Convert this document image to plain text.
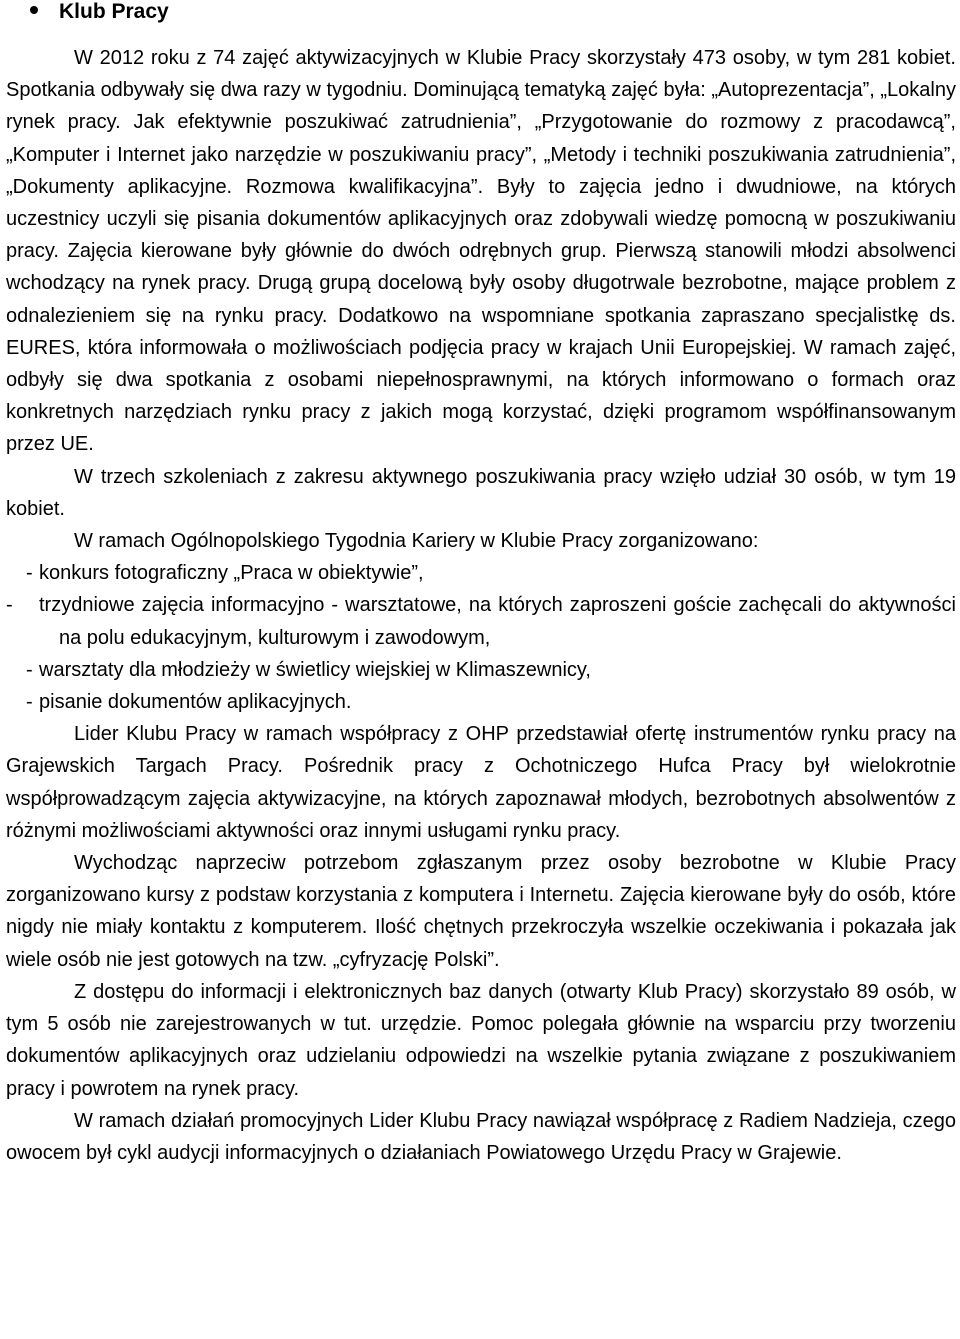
Klub Pracy

W 2012 roku z 74 zajęć aktywizacyjnych w Klubie Pracy skorzystały 473 osoby, w tym 281 kobiet. Spotkania odbywały się dwa razy w tygodniu. Dominującą tematyką zajęć była: „Autoprezentacja”, „Lokalny rynek pracy. Jak efektywnie poszukiwać zatrudnienia”, „Przygotowanie do rozmowy z pracodawcą”, „Komputer i Internet jako narzędzie w poszukiwaniu pracy”, „Metody i techniki poszukiwania zatrudnienia”, „Dokumenty aplikacyjne. Rozmowa kwalifikacyjna”. Były to zajęcia jedno i dwudniowe, na których uczestnicy uczyli się pisania dokumentów aplikacyjnych oraz zdobywali wiedzę pomocną w poszukiwaniu pracy. Zajęcia kierowane były głównie do dwóch odrębnych grup. Pierwszą stanowili młodzi absolwenci wchodzący na rynek pracy. Drugą grupą docelową były osoby długotrwale bezrobotne, mające problem z odnalezieniem się na rynku pracy. Dodatkowo na wspomniane spotkania zapraszano specjalistkę ds. EURES, która informowała o możliwościach podjęcia pracy w krajach Unii Europejskiej. W ramach zajęć, odbyły się dwa spotkania z osobami niepełnosprawnymi, na których informowano o formach oraz konkretnych narzędziach rynku pracy z jakich mogą korzystać, dzięki programom współfinansowanym przez UE.

W trzech szkoleniach z zakresu aktywnego poszukiwania pracy wzięło udział 30 osób, w tym 19 kobiet.

W ramach Ogólnopolskiego Tygodnia Kariery w Klubie Pracy zorganizowano:

- konkurs fotograficzny „Praca w obiektywie”,
- trzydniowe zajęcia informacyjno - warsztatowe, na których zaproszeni goście zachęcali do aktywności na polu edukacyjnym, kulturowym i zawodowym,
- warsztaty dla młodzieży w świetlicy wiejskiej w Klimaszewnicy,
- pisanie dokumentów aplikacyjnych.

Lider Klubu Pracy w ramach współpracy z OHP przedstawiał ofertę instrumentów rynku pracy na Grajewskich Targach Pracy. Pośrednik pracy z Ochotniczego Hufca Pracy był wielokrotnie współprowadzącym zajęcia aktywizacyjne, na których zapoznawał młodych, bezrobotnych absolwentów z różnymi możliwościami aktywności oraz innymi usługami rynku pracy.

Wychodząc naprzeciw potrzebom zgłaszanym przez osoby bezrobotne w Klubie Pracy zorganizowano kursy z podstaw korzystania z komputera i Internetu. Zajęcia kierowane były do osób, które nigdy nie miały kontaktu z komputerem. Ilość chętnych przekroczyła wszelkie oczekiwania i pokazała jak wiele osób nie jest gotowych na tzw. „cyfryzację Polski”.

Z dostępu do informacji i elektronicznych baz danych (otwarty Klub Pracy) skorzystało 89 osób, w tym 5 osób nie zarejestrowanych w tut. urzędzie. Pomoc polegała głównie na wsparciu przy tworzeniu dokumentów aplikacyjnych oraz udzielaniu odpowiedzi na wszelkie pytania związane z poszukiwaniem pracy i powrotem na rynek pracy.

W ramach działań promocyjnych Lider Klubu Pracy nawiązał współpracę z Radiem Nadzieja, czego owocem był cykl audycji informacyjnych o działaniach Powiatowego Urzędu Pracy w Grajewie.
